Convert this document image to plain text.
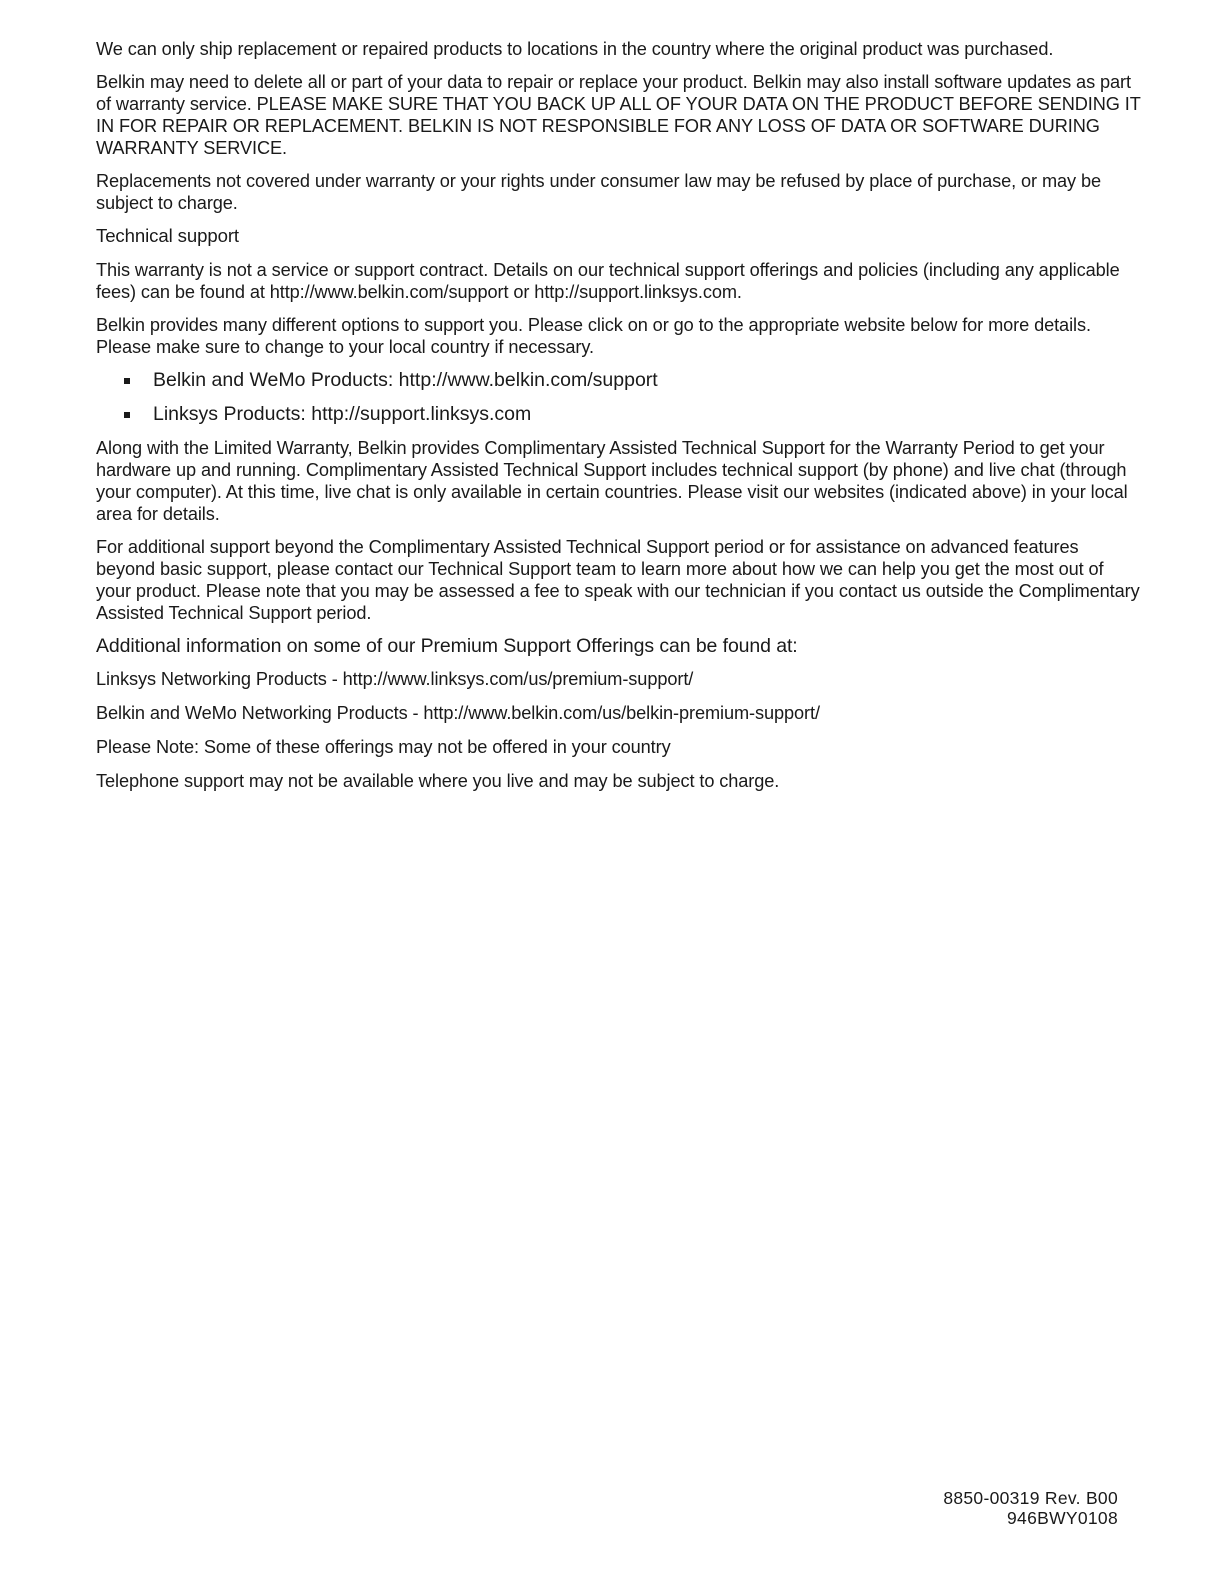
We can only ship replacement or repaired products to locations in the country where the original product was purchased.

Belkin may need to delete all or part of your data to repair or replace your product. Belkin may also install software updates as part of warranty service. PLEASE MAKE SURE THAT YOU BACK UP ALL OF YOUR DATA ON THE PRODUCT BEFORE SENDING IT IN FOR REPAIR OR REPLACEMENT. BELKIN IS NOT RESPONSIBLE FOR ANY LOSS OF DATA OR SOFTWARE DURING WARRANTY SERVICE.

Replacements not covered under warranty or your rights under consumer law may be refused by place of purchase, or may be subject to charge.

Technical support

This warranty is not a service or support contract. Details on our technical support offerings and policies (including any applicable fees) can be found at http://www.belkin.com/support or http://support.linksys.com.

Belkin provides many different options to support you. Please click on or go to the appropriate website below for more details. Please make sure to change to your local country if necessary.

Belkin and WeMo Products: http://www.belkin.com/support
Linksys Products: http://support.linksys.com

Along with the Limited Warranty, Belkin provides Complimentary Assisted Technical Support for the Warranty Period to get your hardware up and running. Complimentary Assisted Technical Support includes technical support (by phone) and live chat (through your computer). At this time, live chat is only available in certain countries. Please visit our websites (indicated above) in your local area for details.

For additional support beyond the Complimentary Assisted Technical Support period or for assistance on advanced features beyond basic support, please contact our Technical Support team to learn more about how we can help you get the most out of your product. Please note that you may be assessed a fee to speak with our technician if you contact us outside the Complimentary Assisted Technical Support period.

Additional information on some of our Premium Support Offerings can be found at:

Linksys Networking Products - http://www.linksys.com/us/premium-support/

Belkin and WeMo Networking Products - http://www.belkin.com/us/belkin-premium-support/

Please Note: Some of these offerings may not be offered in your country

Telephone support may not be available where you live and may be subject to charge.

8850-00319 Rev. B00
946BWY0108
